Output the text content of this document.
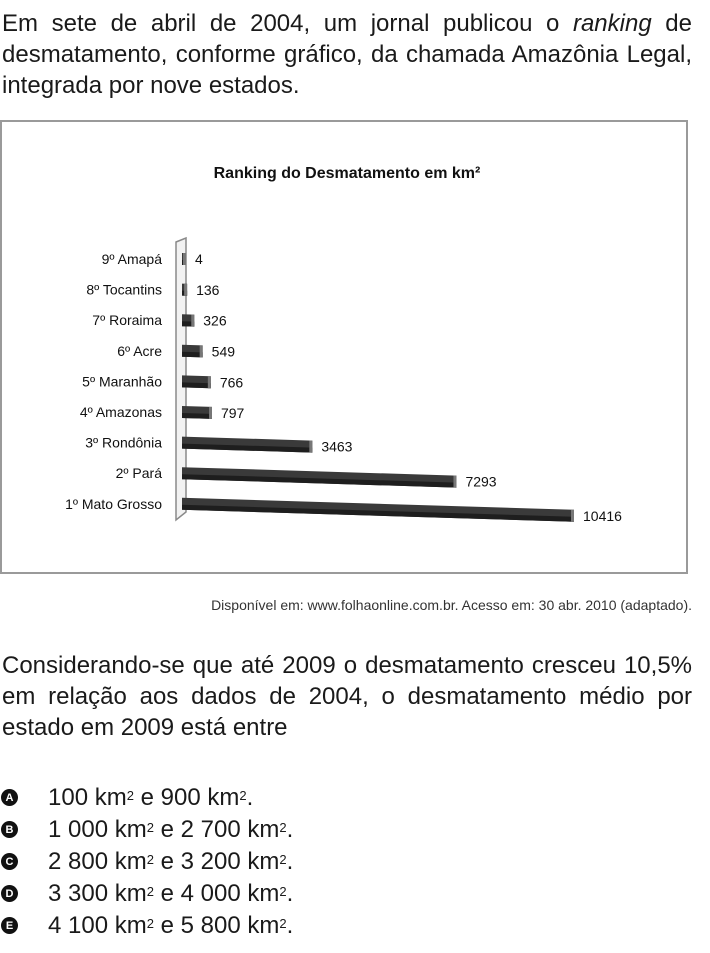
Em sete de abril de 2004, um jornal publicou o ranking de desmatamento, conforme gráfico, da chamada Amazônia Legal, integrada por nove estados.
Ranking do Desmatamento em km²
1º Mato Grosso
10416
2º Pará
7293
3º Rondônia	3463
4º Amazonas	797
5º Maranhão	766
6º Acre	549
7º Roraima	326
8º Tocantins 136
9º Amapá 4
Disponível em: www.folhaonline.com.br. Acesso em: 30 abr. 2010 (adaptado).
Considerando-se que até 2009 o desmatamento cresceu 10,5% em relação aos dados de 2004, o desmatamento médio por estado em 2009 está entre
A 100 $km^2$ e 900 $km^2$.
B 1 000 $km^2$ e 2 700 $km^2$.
C 2 800 $km^2$ e 3 200 $km^2$.
D 3 300 $km^2$ e 4 000 $km^2$.
E 4 100 $km^2$ e 5 800 $km^2$.
